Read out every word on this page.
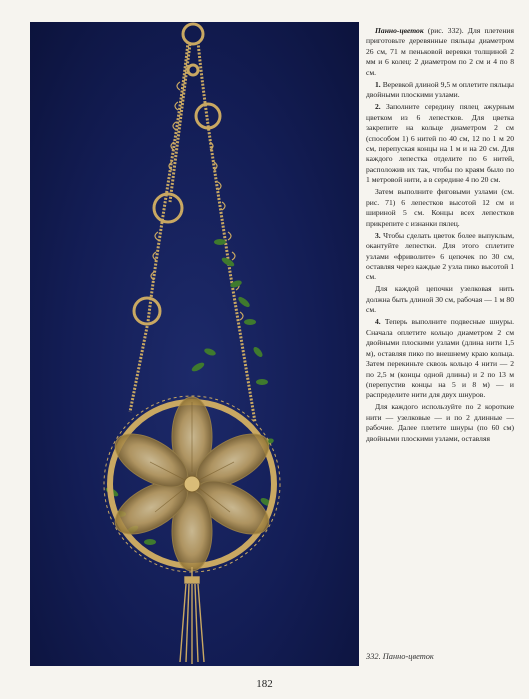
Панно-цветок (рис. 332). Для плетения приготовьте деревянные пяльцы диаметром 26 см, 71 м пеньковой веревки толщиной 2 мм и 6 колец: 2 диаметром по 2 см и 4 по 8 см.

1. Веревкой длиной 9,5 м оплетите пяльцы двойными плоскими узлами.

2. Заполните середину пялец ажурным цветком из 6 лепестков. Для цветка закрепите на кольце диаметром 2 см (способом 1) 6 нитей по 40 см, 12 по 1 м 20 см, перепуская концы на 1 м и на 20 см. Для каждого лепестка отделите по 6 нитей, расположив их так, чтобы по краям было по 1 метровой нити, а в середине 4 по 20 см.

Затем выполните фиговыми узлами (см. рис. 71) 6 лепестков высотой 12 см и шириной 5 см. Концы всех лепестков прикрепите с изнанки пялец.

3. Чтобы сделать цветок более выпуклым, окантуйте лепестки. Для этого сплетите узлами «фриволите» 6 цепочек по 30 см, оставляя через каждые 2 узла пико высотой 1 см.

Для каждой цепочки узелковая нить должна быть длиной 30 см, рабочая — 1 м 80 см.

4. Теперь выполните подвесные шнуры. Сначала оплетите кольцо диаметром 2 см двойными плоскими узлами (длина нити 1,5 м), оставляя пико по внешнему краю кольца. Затем перекиньте сквозь кольцо 4 нити — 2 по 2,5 м (концы одной длины) и 2 по 13 м (перепустив концы на 5 и 8 м) — и распределите нити для двух шнуров.

Для каждого используйте по 2 короткие нити — узелковые — и по 2 длинные — рабочие. Далее плетите шнуры (по 60 см) двойными плоскими узлами, оставляя

332. Панно-цветок
182
